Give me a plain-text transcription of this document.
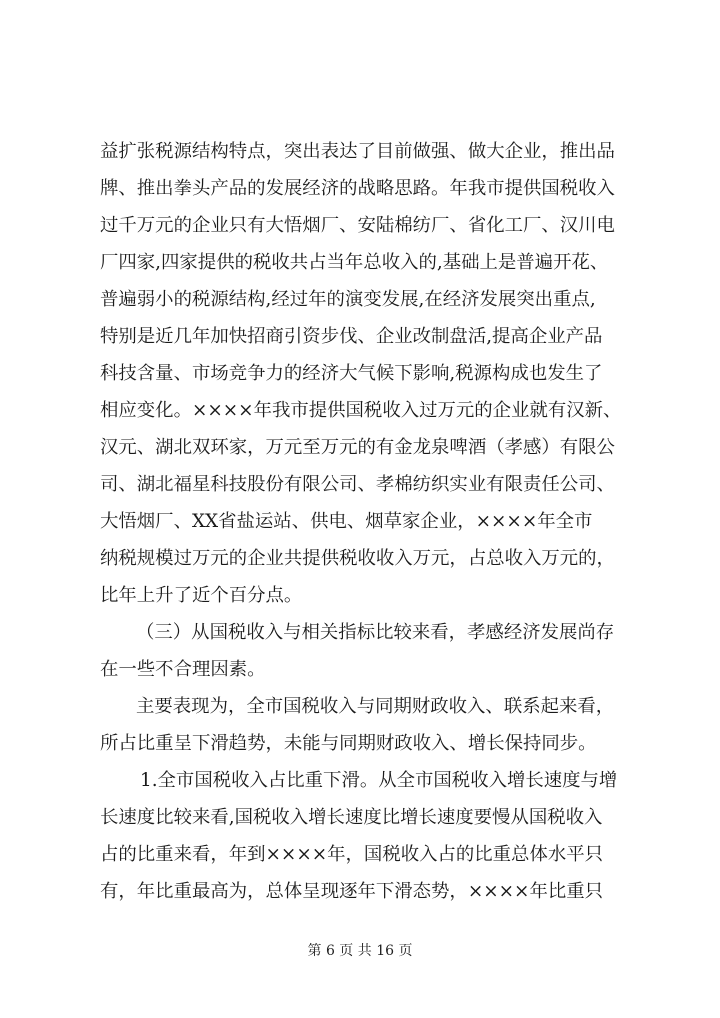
益扩张税源结构特点，突出表达了目前做强、做大企业，推出品
牌、推出拳头产品的发展经济的战略思路。年我市提供国税收入
过千万元的企业只有大悟烟厂、安陆棉纺厂、省化工厂、汉川电
厂四家,四家提供的税收共占当年总收入的,基础上是普遍开花、
普遍弱小的税源结构,经过年的演变发展,在经济发展突出重点,
特别是近几年加快招商引资步伐、企业改制盘活,提高企业产品
科技含量、市场竞争力的经济大气候下影响,税源构成也发生了
相应变化。××××年我市提供国税收入过万元的企业就有汉新、
汉元、湖北双环家，万元至万元的有金龙泉啤酒（孝感）有限公
司、湖北福星科技股份有限公司、孝棉纺织实业有限责任公司、
大悟烟厂、XX省盐运站、供电、烟草家企业，××××年全市
纳税规模过万元的企业共提供税收收入万元，占总收入万元的，
比年上升了近个百分点。
（三）从国税收入与相关指标比较来看，孝感经济发展尚存
在一些不合理因素。
主要表现为，全市国税收入与同期财政收入、联系起来看，
所占比重呈下滑趋势，未能与同期财政收入、增长保持同步。
1.全市国税收入占比重下滑。从全市国税收入增长速度与增
长速度比较来看,国税收入增长速度比增长速度要慢从国税收入
占的比重来看，年到××××年，国税收入占的比重总体水平只
有，年比重最高为，总体呈现逐年下滑态势，××××年比重只
第 6 页 共 16 页
